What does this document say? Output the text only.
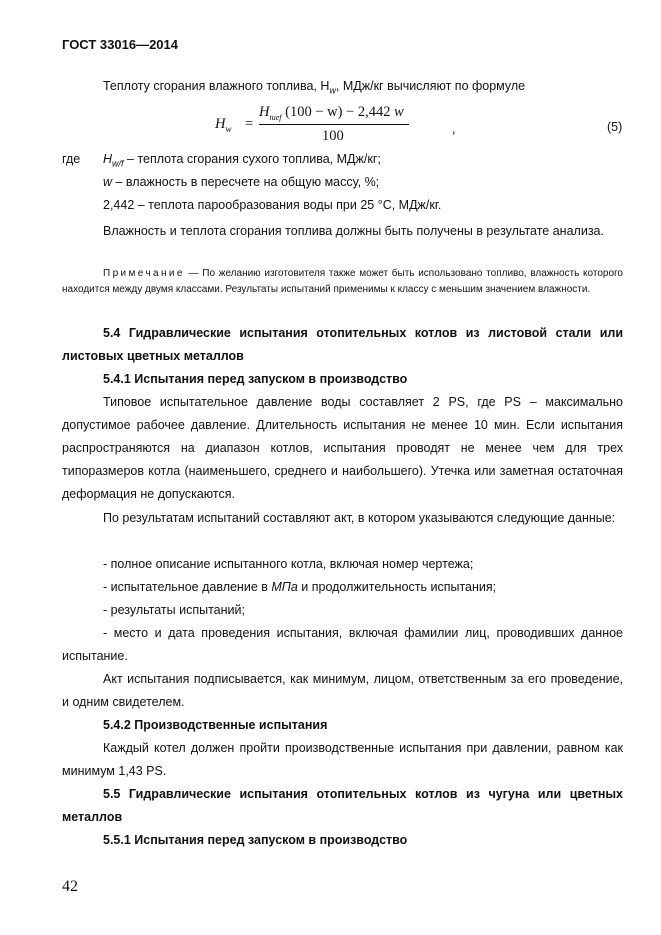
ГОСТ 33016—2014
Теплоту сгорания влажного топлива, $H_w$, МДж/кг вычисляют по формуле
$H_w$ =
$H_{tuef}$ (100 − w) − 2,442 w
100	,	(5)
где $H_{w/f}$ – теплота сгорания сухого топлива, МДж/кг;
w – влажность в пересчете на общую массу, %;
2,442 – теплота парообразования воды при 25 °С, МДж/кг.
Влажность и теплота сгорания топлива должны быть получены в результате анализа.
Примечание — По желанию изготовителя также может быть использовано топливо, влажность которого находится между двумя классами. Результаты испытаний применимы к классу с меньшим значением влажности.
5.4 Гидравлические испытания отопительных котлов из листовой стали или листовых цветных металлов
5.4.1 Испытания перед запуском в производство
Типовое испытательное давление воды составляет 2 PS, где PS – максимально допустимое рабочее давление. Длительность испытания не менее 10 мин. Если испытания распространяются на диапазон котлов, испытания проводят не менее чем для трех типоразмеров котла (наименьшего, среднего и наибольшего). Утечка или заметная остаточная деформация не допускаются.
По результатам испытаний составляют акт, в котором указываются следующие данные:
- полное описание испытанного котла, включая номер чертежа;
- испытательное давление в МПа и продолжительность испытания;
- результаты испытаний;
- место и дата проведения испытания, включая фамилии лиц, проводивших данное испытание.
Акт испытания подписывается, как минимум, лицом, ответственным за его проведение, и одним свидетелем.
5.4.2 Производственные испытания
Каждый котел должен пройти производственные испытания при давлении, равном как минимум 1,43 PS.
5.5 Гидравлические испытания отопительных котлов из чугуна или цветных металлов
5.5.1 Испытания перед запуском в производство
42
